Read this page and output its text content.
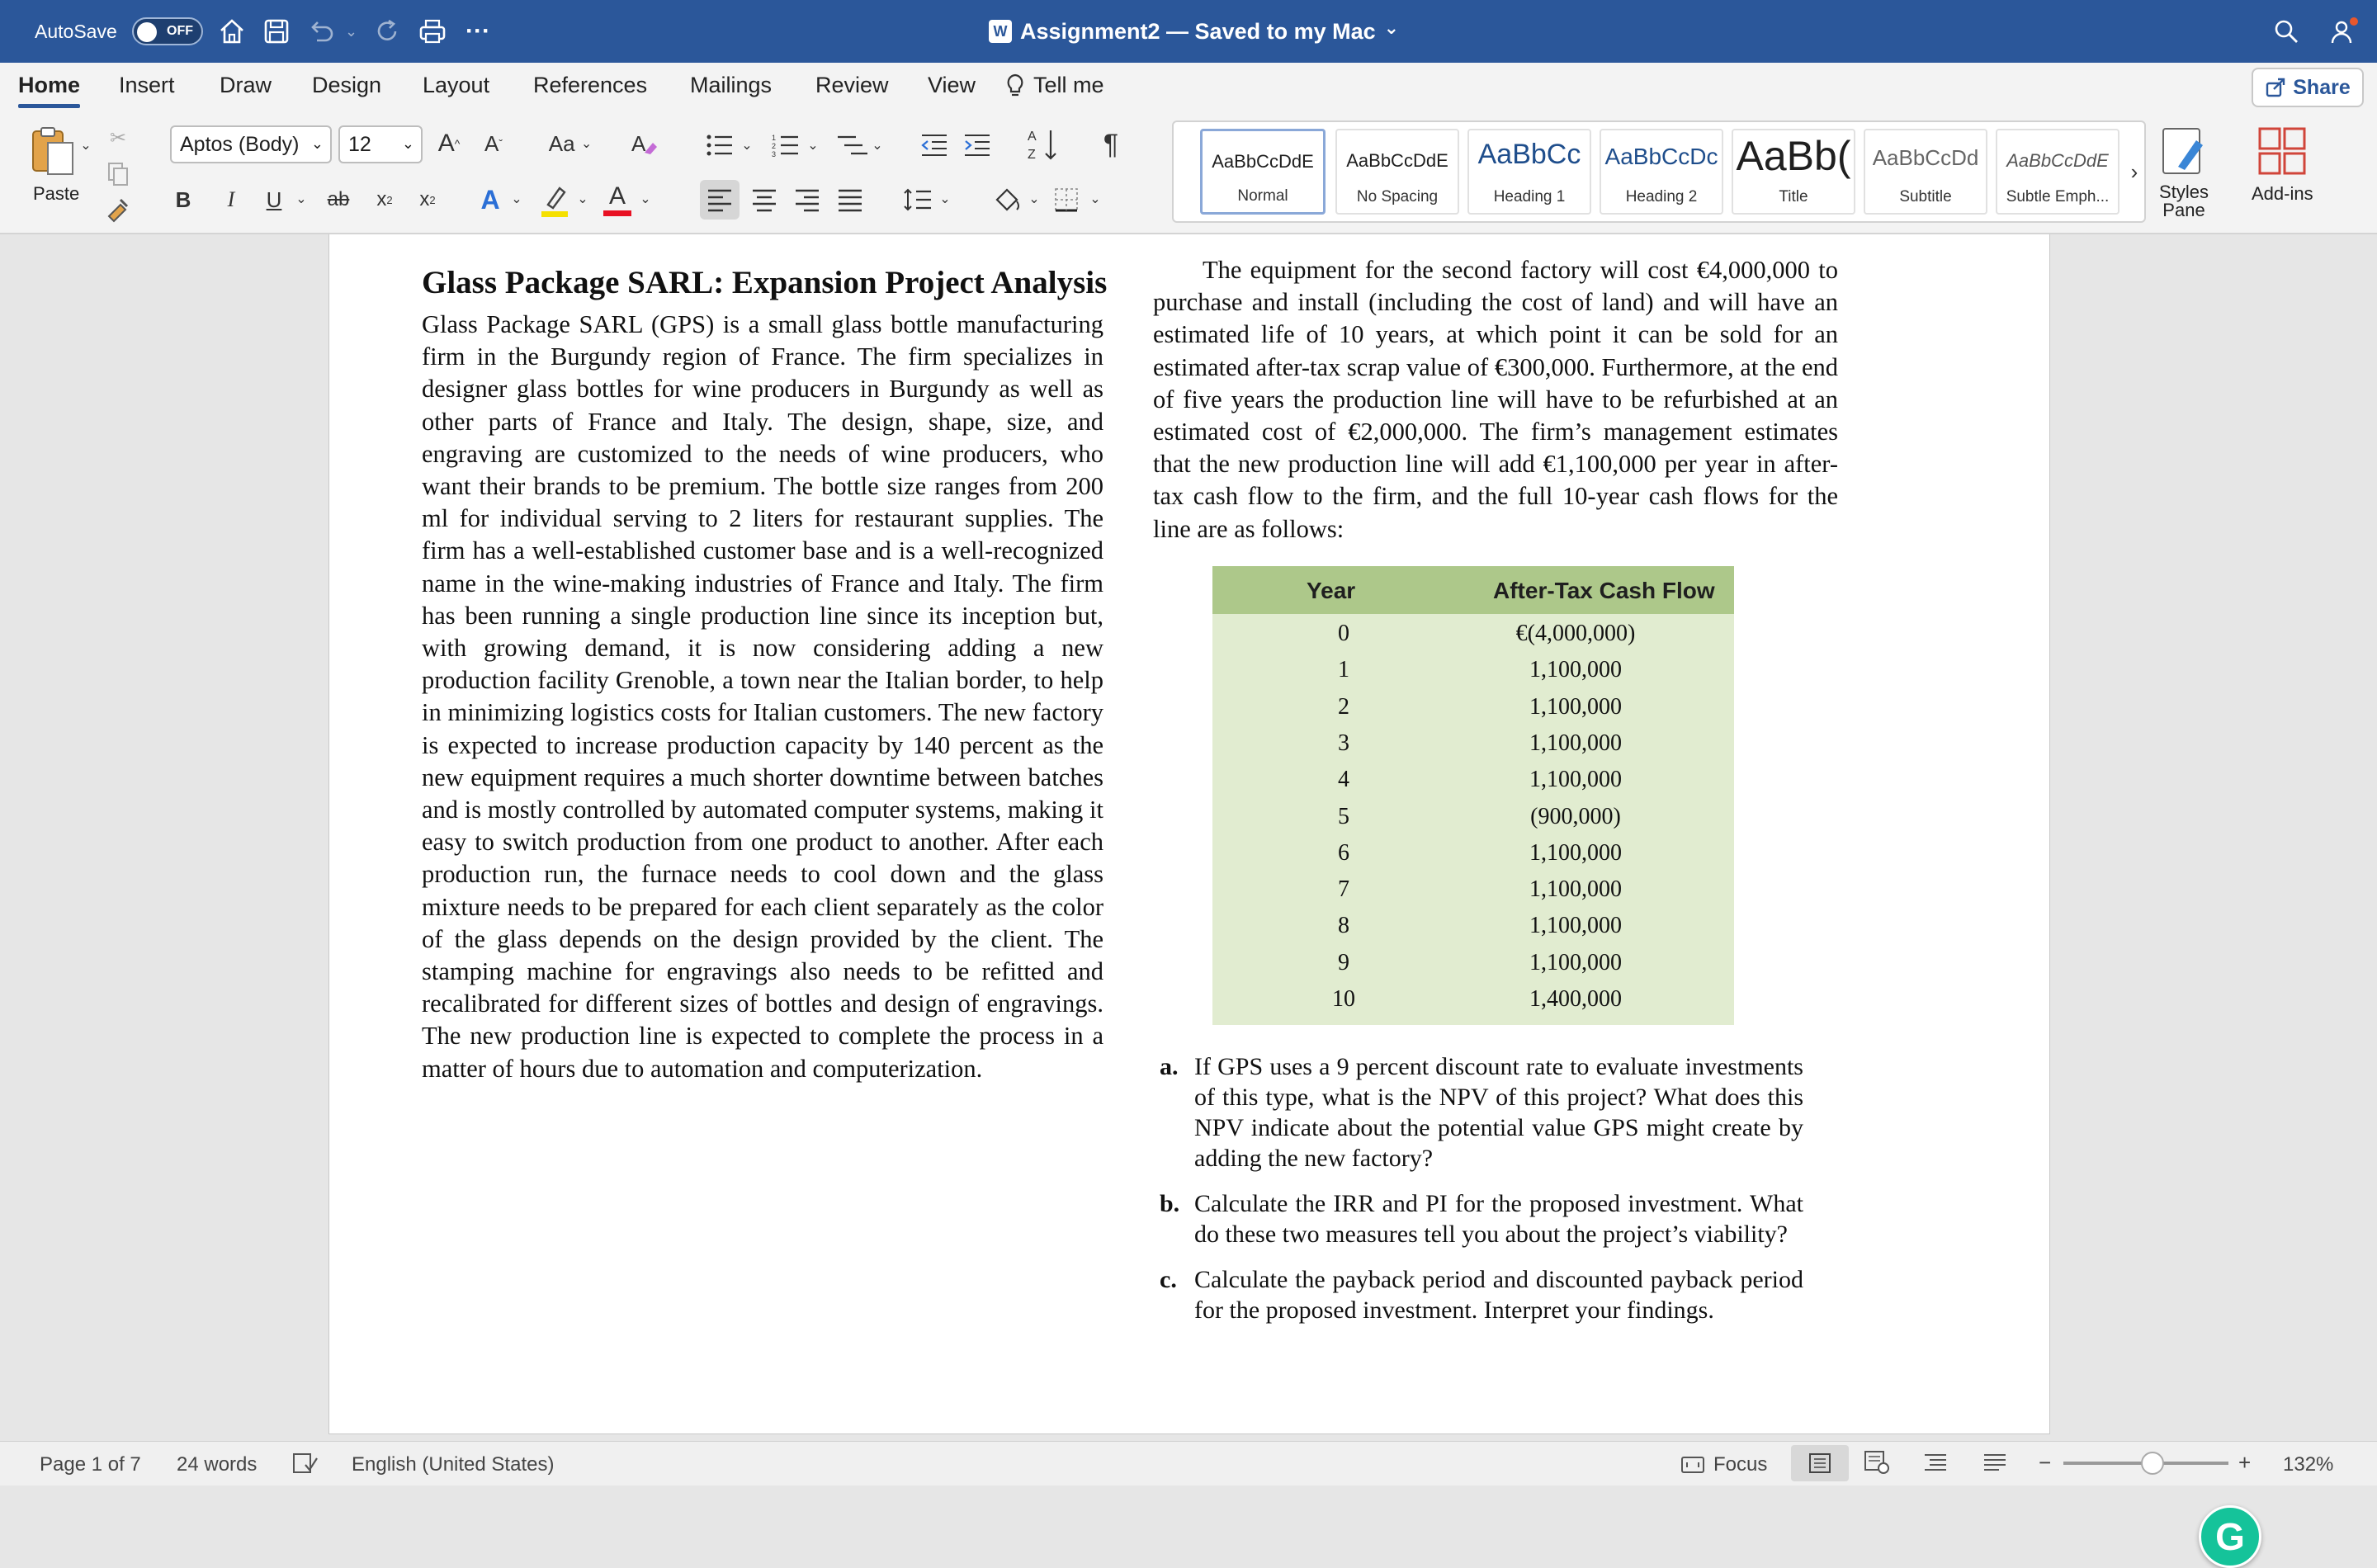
AutoSave	OFF	⌄	···	W Assignment2 — Saved to my Mac ⌄
Home Insert Draw Design Layout References Mailings Review View	Tell me	Share
⌄
Paste
✂	Aptos (Body) ⌄ 12 ⌄ A ^ A ˇ Aa
⌄ A
B	I	U	⌄ ab x 2 x 2 A ⌄	⌄ A ⌄
⌄
1
2
3
⌄	⌄
A
Z	¶
⌄	⌄	⌄
AaBbCcDdE
Normal
AaBbCcDdE
No Spacing
AaBbCc
Heading 1
AaBbCcDc
Heading 2
AaBb(
Title
AaBbCcDd
Subtitle
AaBbCcDdE
Subtle Emph...
›
Styles Pane
Add-ins
Glass Package SARL: Expansion Project Analysis
Glass Package SARL (GPS) is a small glass bottle manufacturing firm in the Burgundy region of France. The firm specializes in designer glass bottles for wine producers in Burgundy as well as other parts of France and Italy. The design, shape, size, and engraving are customized to the needs of wine producers, who want their brands to be premium. The bottle size ranges from 200 ml for individual serving to 2 liters for restaurant supplies. The firm has a well-established customer base and is a well-recognized name in the wine-making industries of France and Italy. The firm has been running a single production line since its inception but, with growing demand, it is now considering adding a new production facility Grenoble, a town near the Italian border, to help in minimizing logistics costs for Italian customers. The new factory is expected to increase production capacity by 140 percent as the new equipment requires a much shorter downtime between batches and is mostly controlled by automated computer systems, making it easy to switch production from one product to another. After each production run, the furnace needs to cool down and the glass mixture needs to be prepared for each client separately as the color of the glass depends on the design provided by the client. The stamping machine for engravings also needs to be refitted and recalibrated for different sizes of bottles and design of engravings. The new production line is expected to complete the process in a matter of hours due to automation and computerization.
The equipment for the second factory will cost €4,000,000 to purchase and install (including the cost of land) and will have an estimated life of 10 years, at which point it can be sold for an estimated after-tax scrap value of €300,000. Furthermore, at the end of five years the production line will have to be refurbished at an estimated cost of €2,000,000. The firm’s management estimates that the new production line will add €1,100,000 per year in after-tax cash flow to the firm, and the full 10-year cash flows for the line are as follows:
Year	After-Tax Cash Flow
0	€(4,000,000)
1	1,100,000
2	1,100,000
3	1,100,000
4	1,100,000
5	(900,000)
6	1,100,000
7	1,100,000
8	1,100,000
9	1,100,000
10	1,400,000
a. If GPS uses a 9 percent discount rate to evaluate investments of this type, what is the NPV of this project? What does this NPV indicate about the potential value GPS might create by adding the new factory?
b. Calculate the IRR and PI for the proposed investment. What do these two measures tell you about the project’s viability?
c. Calculate the payback period and discounted payback period for the proposed investment. Interpret your findings.
G
Page 1 of 7 24 words	English (United States)	Focus	−	+ 132%
